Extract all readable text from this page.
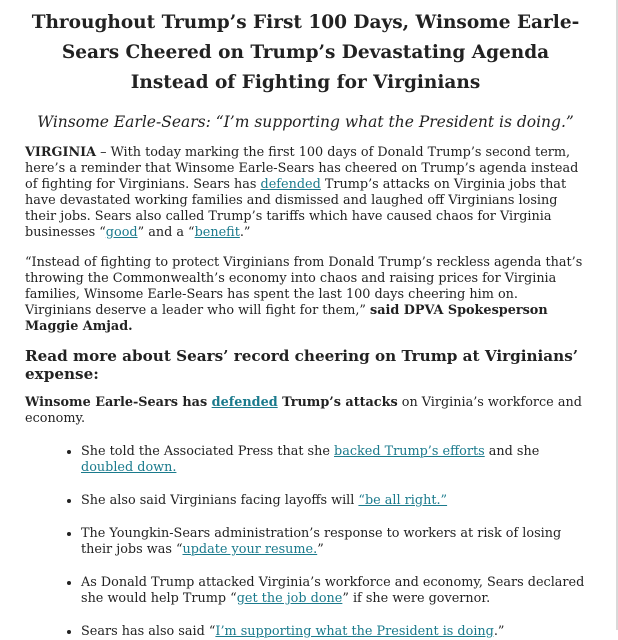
Throughout Trump’s First 100 Days, Winsome Earle-Sears Cheered on Trump’s Devastating Agenda Instead of Fighting for Virginians
Winsome Earle-Sears: “I’m supporting what the President is doing.”

VIRGINIA – With today marking the first 100 days of Donald Trump’s second term, here’s a reminder that Winsome Earle-Sears has cheered on Trump’s agenda instead of fighting for Virginians. Sears has defended Trump’s attacks on Virginia jobs that have devastated working families and dismissed and laughed off Virginians losing their jobs. Sears also called Trump’s tariffs which have caused chaos for Virginia businesses “good” and a “benefit.”

“Instead of fighting to protect Virginians from Donald Trump’s reckless agenda that’s throwing the Commonwealth’s economy into chaos and raising prices for Virginia families, Winsome Earle-Sears has spent the last 100 days cheering him on. Virginians deserve a leader who will fight for them,” said DPVA Spokesperson Maggie Amjad.

Read more about Sears’ record cheering on Trump at Virginians’ expense:

Winsome Earle-Sears has defended Trump’s attacks on Virginia’s workforce and economy.

• She told the Associated Press that she backed Trump’s efforts and she doubled down.
• She also said Virginians facing layoffs will “be all right.”
• The Youngkin-Sears administration’s response to workers at risk of losing their jobs was “update your resume.”
• As Donald Trump attacked Virginia’s workforce and economy, Sears declared she would help Trump “get the job done” if she were governor.
• Sears has also said “I’m supporting what the President is doing.”
